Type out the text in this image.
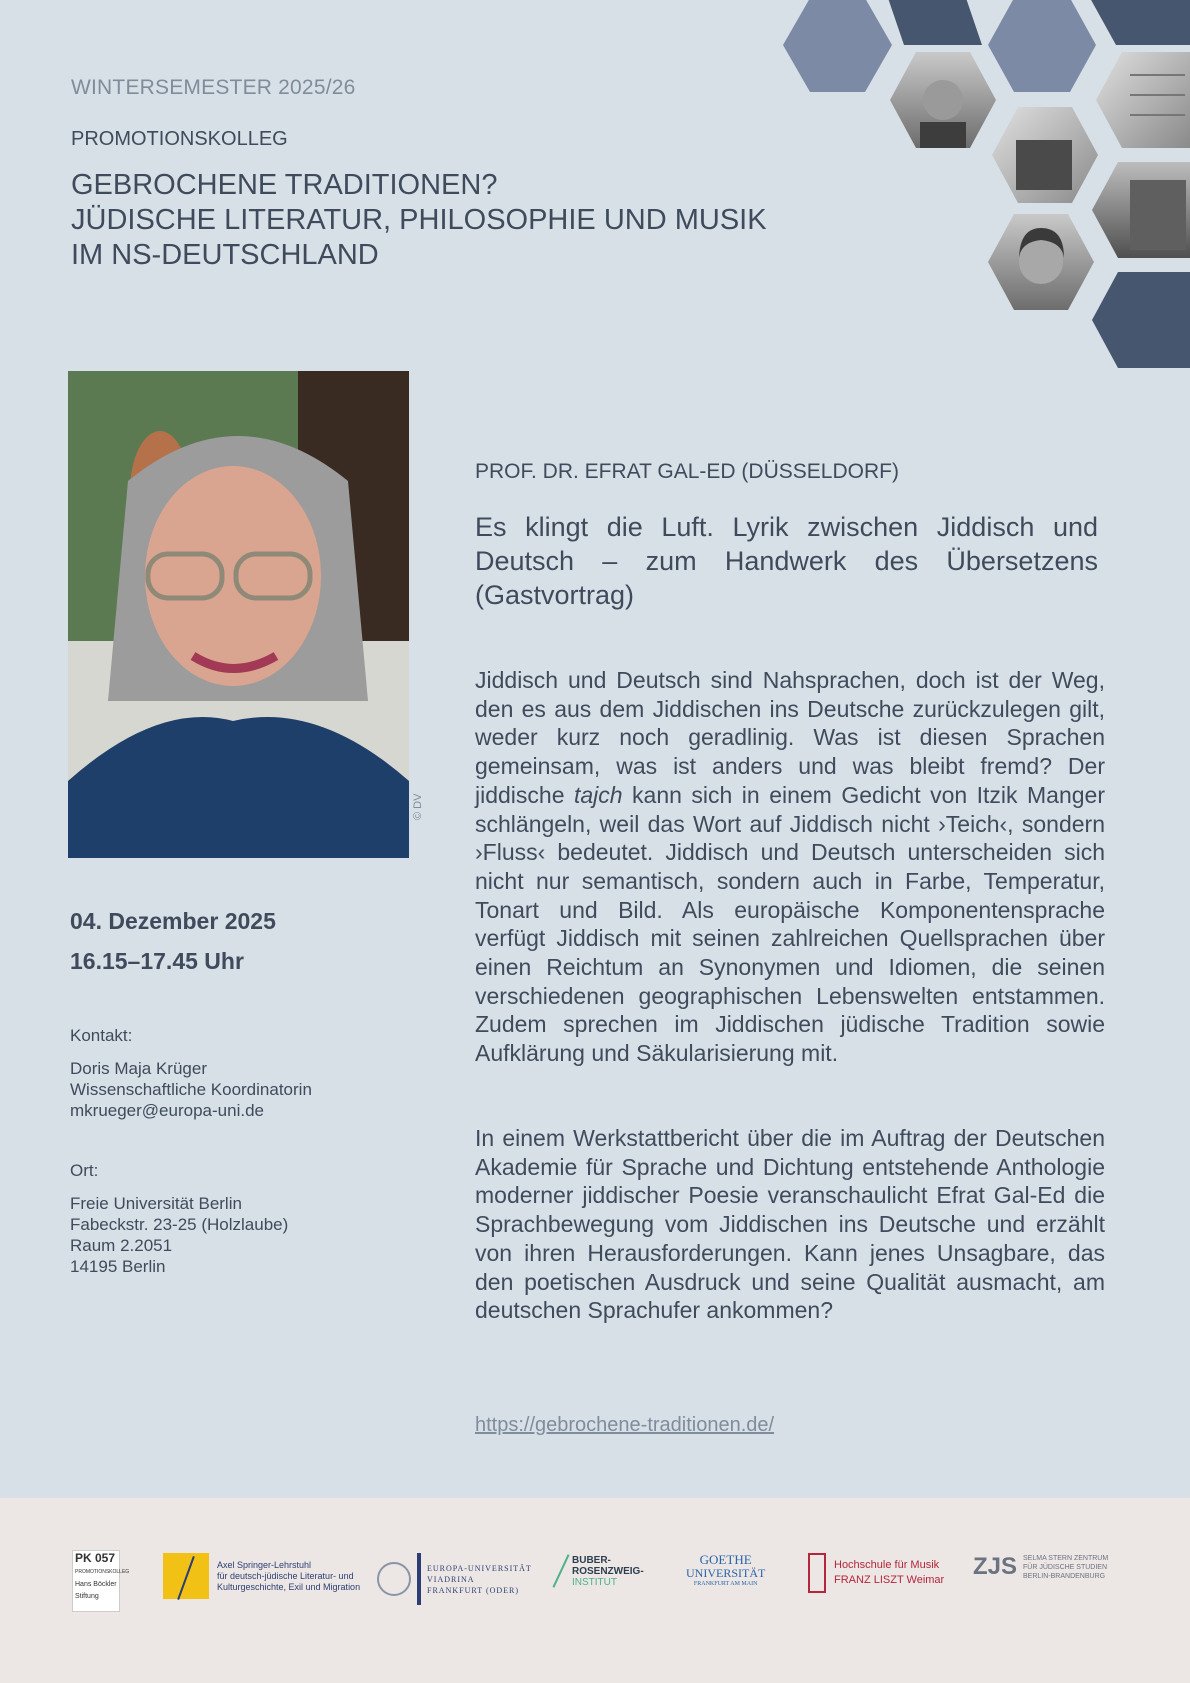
WINTERSEMESTER 2025/26
PROMOTIONSKOLLEG
GEBROCHENE TRADITIONEN?
JÜDISCHE LITERATUR, PHILOSOPHIE UND MUSIK
IM NS-DEUTSCHLAND
© DV
04. Dezember 2025
16.15–17.45 Uhr
Kontakt:
Doris Maja Krüger
Wissenschaftliche Koordinatorin
mkrueger@europa-uni.de
Ort:
Freie Universität Berlin
Fabeckstr. 23-25 (Holzlaube)
Raum 2.2051
14195 Berlin
PROF. DR. EFRAT GAL-ED (DÜSSELDORF)
Es klingt die Luft. Lyrik zwischen Jiddisch und Deutsch – zum Handwerk des Übersetzens (Gastvortrag)
Jiddisch und Deutsch sind Nahsprachen, doch ist der Weg, den es aus dem Jiddischen ins Deutsche zurückzulegen gilt, weder kurz noch geradlinig. Was ist diesen Sprachen gemeinsam, was ist anders und was bleibt fremd? Der jiddische tajch kann sich in einem Gedicht von Itzik Manger schlängeln, weil das Wort auf Jiddisch nicht ›Teich‹, sondern ›Fluss‹ bedeutet. Jiddisch und Deutsch unterscheiden sich nicht nur semantisch, sondern auch in Farbe, Temperatur, Tonart und Bild. Als europäische Komponentensprache verfügt Jiddisch mit seinen zahlreichen Quellsprachen über einen Reichtum an Synonymen und Idiomen, die seinen verschiedenen geographischen Lebenswelten entstammen. Zudem sprechen im Jiddischen jüdische Tradition sowie Aufklärung und Säkularisierung mit.
In einem Werkstattbericht über die im Auftrag der Deutschen Akademie für Sprache und Dichtung entstehende Anthologie moderner jiddischer Poesie veranschaulicht Efrat Gal-Ed die Sprachbewegung vom Jiddischen ins Deutsche und erzählt von ihren Herausforderungen. Kann jenes Unsagbare, das den poetischen Ausdruck und seine Qualität ausmacht, am deutschen Sprachufer ankommen?
https://gebrochene-traditionen.de/
PK 057
PROMOTIONSKOLLEG
Hans Böckler Stiftung
Axel Springer-Lehrstuhl
für deutsch-jüdische Literatur- und
Kulturgeschichte, Exil und Migration
EUROPA-UNIVERSITÄT
VIADRINA
FRANKFURT (ODER)
BUBER-
ROSENZWEIG-
INSTITUT
GOETHE
UNIVERSITÄT
FRANKFURT AM MAIN
Hochschule für Musik
FRANZ LISZT Weimar ZJS SELMA STERN ZENTRUM
FÜR JÜDISCHE STUDIEN
BERLIN-BRANDENBURG
